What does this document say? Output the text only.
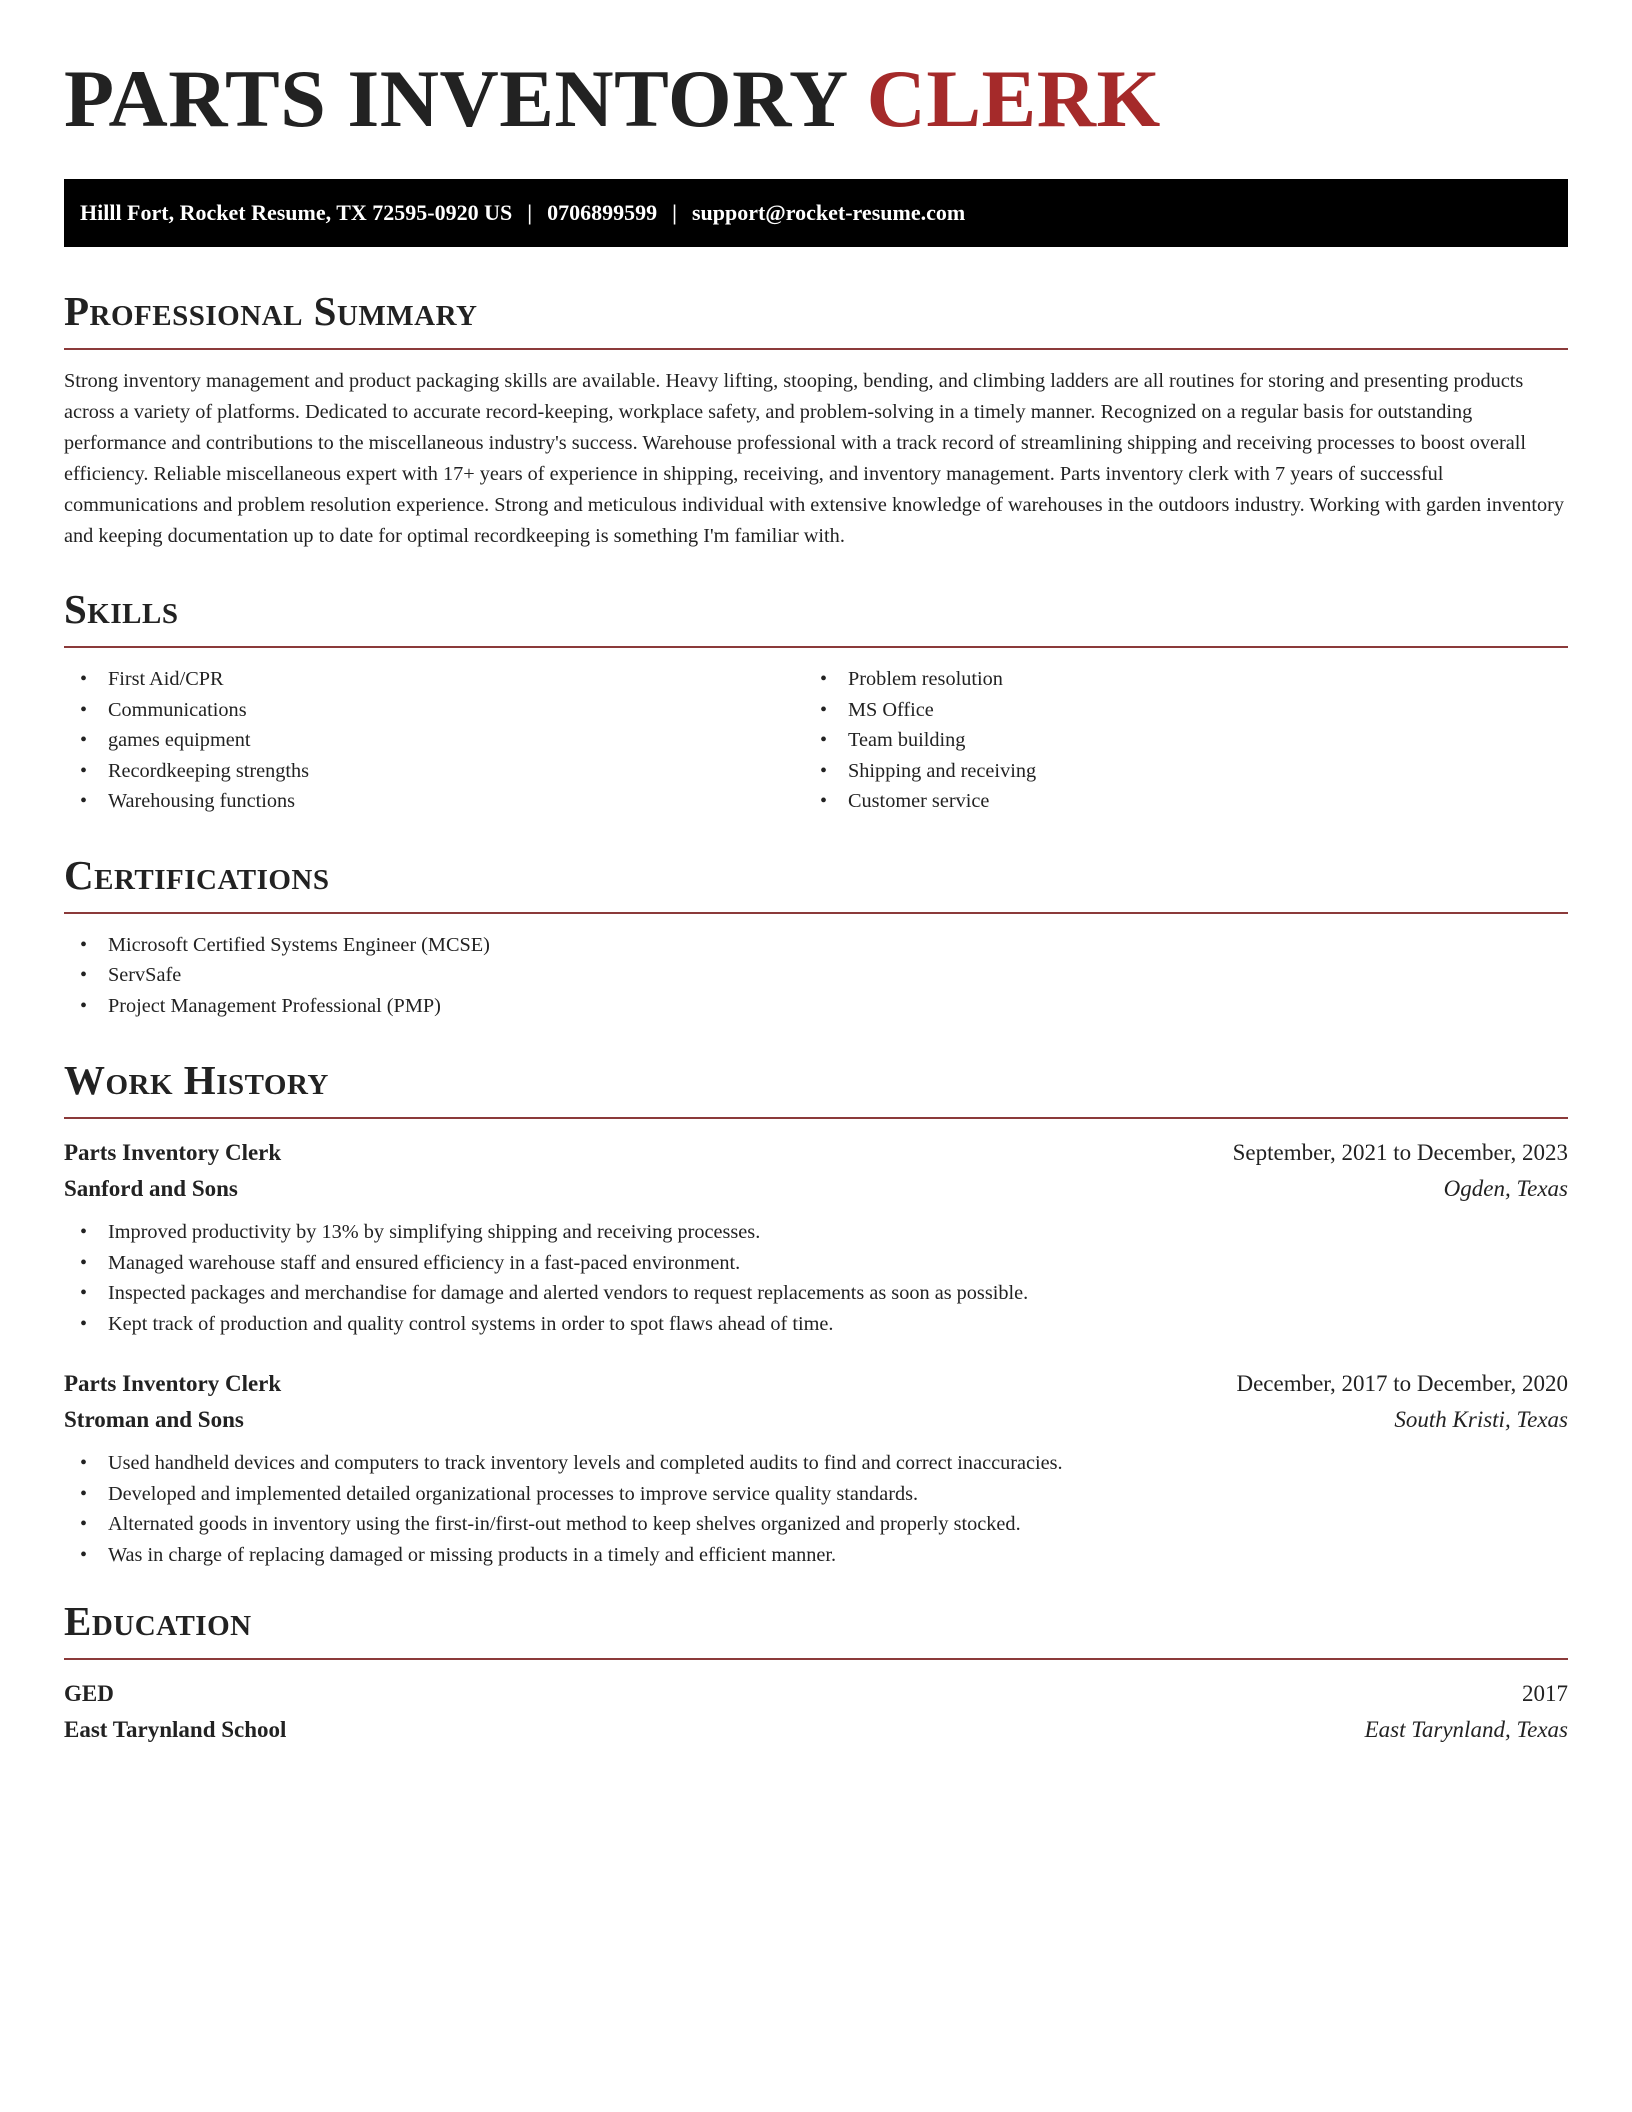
PARTS INVENTORY CLERK
Hilll Fort, Rocket Resume, TX 72595-0920 US | 0706899599 | support@rocket-resume.com
Professional Summary

Strong inventory management and product packaging skills are available. Heavy lifting, stooping, bending, and climbing ladders are all routines for storing and presenting products across a variety of platforms. Dedicated to accurate record-keeping, workplace safety, and problem-solving in a timely manner. Recognized on a regular basis for outstanding performance and contributions to the miscellaneous industry's success. Warehouse professional with a track record of streamlining shipping and receiving processes to boost overall efficiency. Reliable miscellaneous expert with 17+ years of experience in shipping, receiving, and inventory management. Parts inventory clerk with 7 years of successful communications and problem resolution experience. Strong and meticulous individual with extensive knowledge of warehouses in the outdoors industry. Working with garden inventory and keeping documentation up to date for optimal recordkeeping is something I'm familiar with.

Skills
• First Aid/CPR
• Communications
• games equipment
• Recordkeeping strengths
• Warehousing functions
• Problem resolution
• MS Office
• Team building
• Shipping and receiving
• Customer service
Certifications
• Microsoft Certified Systems Engineer (MCSE)
• ServSafe
• Project Management Professional (PMP)
Work History
Parts Inventory Clerk	September, 2021 to December, 2023
Sanford and Sons	Ogden, Texas
• Improved productivity by 13% by simplifying shipping and receiving processes.
• Managed warehouse staff and ensured efficiency in a fast-paced environment.
• Inspected packages and merchandise for damage and alerted vendors to request replacements as soon as possible.
• Kept track of production and quality control systems in order to spot flaws ahead of time.
Parts Inventory Clerk	December, 2017 to December, 2020
Stroman and Sons	South Kristi, Texas
• Used handheld devices and computers to track inventory levels and completed audits to find and correct inaccuracies.
• Developed and implemented detailed organizational processes to improve service quality standards.
• Alternated goods in inventory using the first-in/first-out method to keep shelves organized and properly stocked.
• Was in charge of replacing damaged or missing products in a timely and efficient manner.
Education
GED	2017
East Tarynland School	East Tarynland, Texas
